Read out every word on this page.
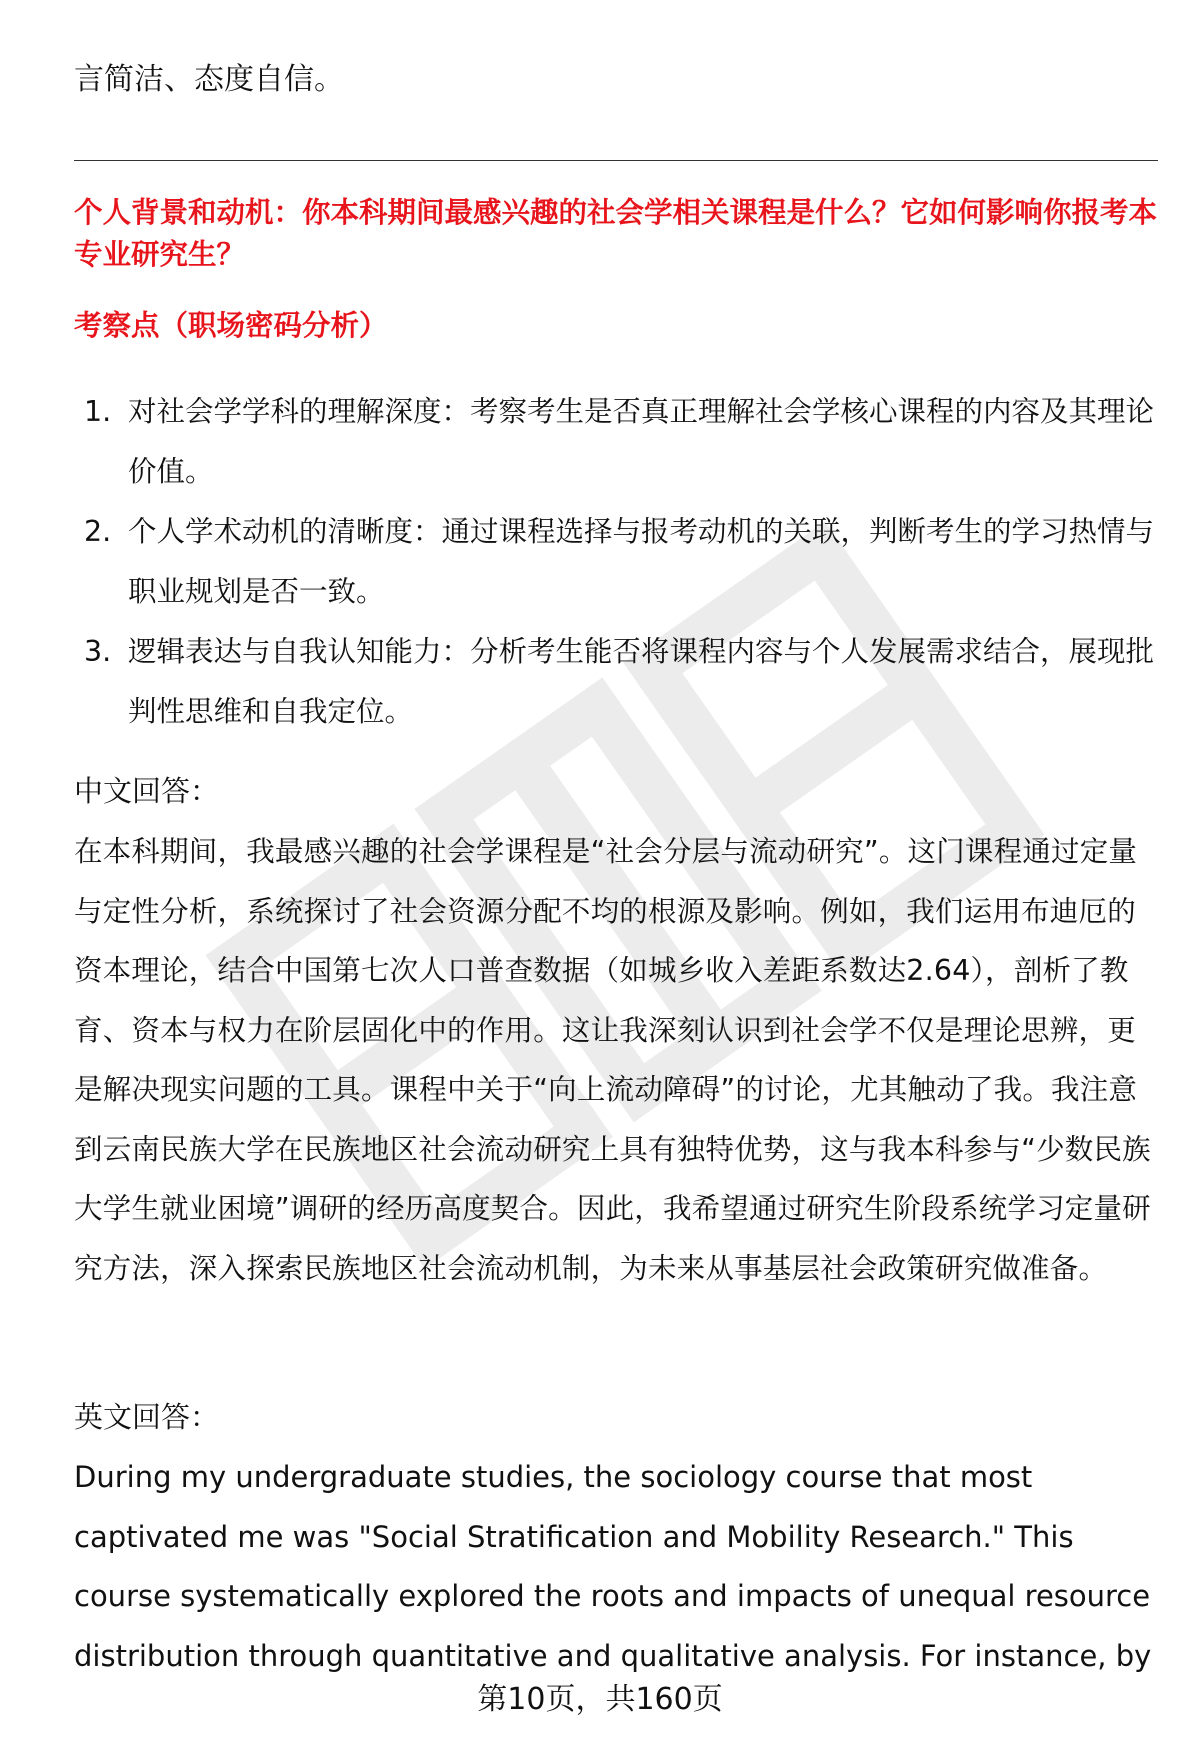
言简洁、态度自信。

个人背景和动机：你本科期间最感兴趣的社会学相关课程是什么？它如何影响你报考本专业研究生？

考察点（职场密码分析）

1. 对社会学学科的理解深度：考察考生是否真正理解社会学核心课程的内容及其理论价值。
2. 个人学术动机的清晰度：通过课程选择与报考动机的关联，判断考生的学习热情与职业规划是否一致。
3. 逻辑表达与自我认知能力：分析考生能否将课程内容与个人发展需求结合，展现批判性思维和自我定位。

中文回答：

在本科期间，我最感兴趣的社会学课程是“社会分层与流动研究”。这门课程通过定量与定性分析，系统探讨了社会资源分配不均的根源及影响。例如，我们运用布迪厄的资本理论，结合中国第七次人口普查数据（如城乡收入差距系数达2.64），剖析了教育、资本与权力在阶层固化中的作用。这让我深刻认识到社会学不仅是理论思辨，更是解决现实问题的工具。课程中关于“向上流动障碍”的讨论，尤其触动了我。我注意到云南民族大学在民族地区社会流动研究上具有独特优势，这与我本科参与“少数民族大学生就业困境”调研的经历高度契合。因此，我希望通过研究生阶段系统学习定量研究方法，深入探索民族地区社会流动机制，为未来从事基层社会政策研究做准备。

英文回答：

During my undergraduate studies, the sociology course that most captivated me was "Social Stratification and Mobility Research." This course systematically explored the roots and impacts of unequal resource distribution through quantitative and qualitative analysis. For instance, by

第10页，共160页
